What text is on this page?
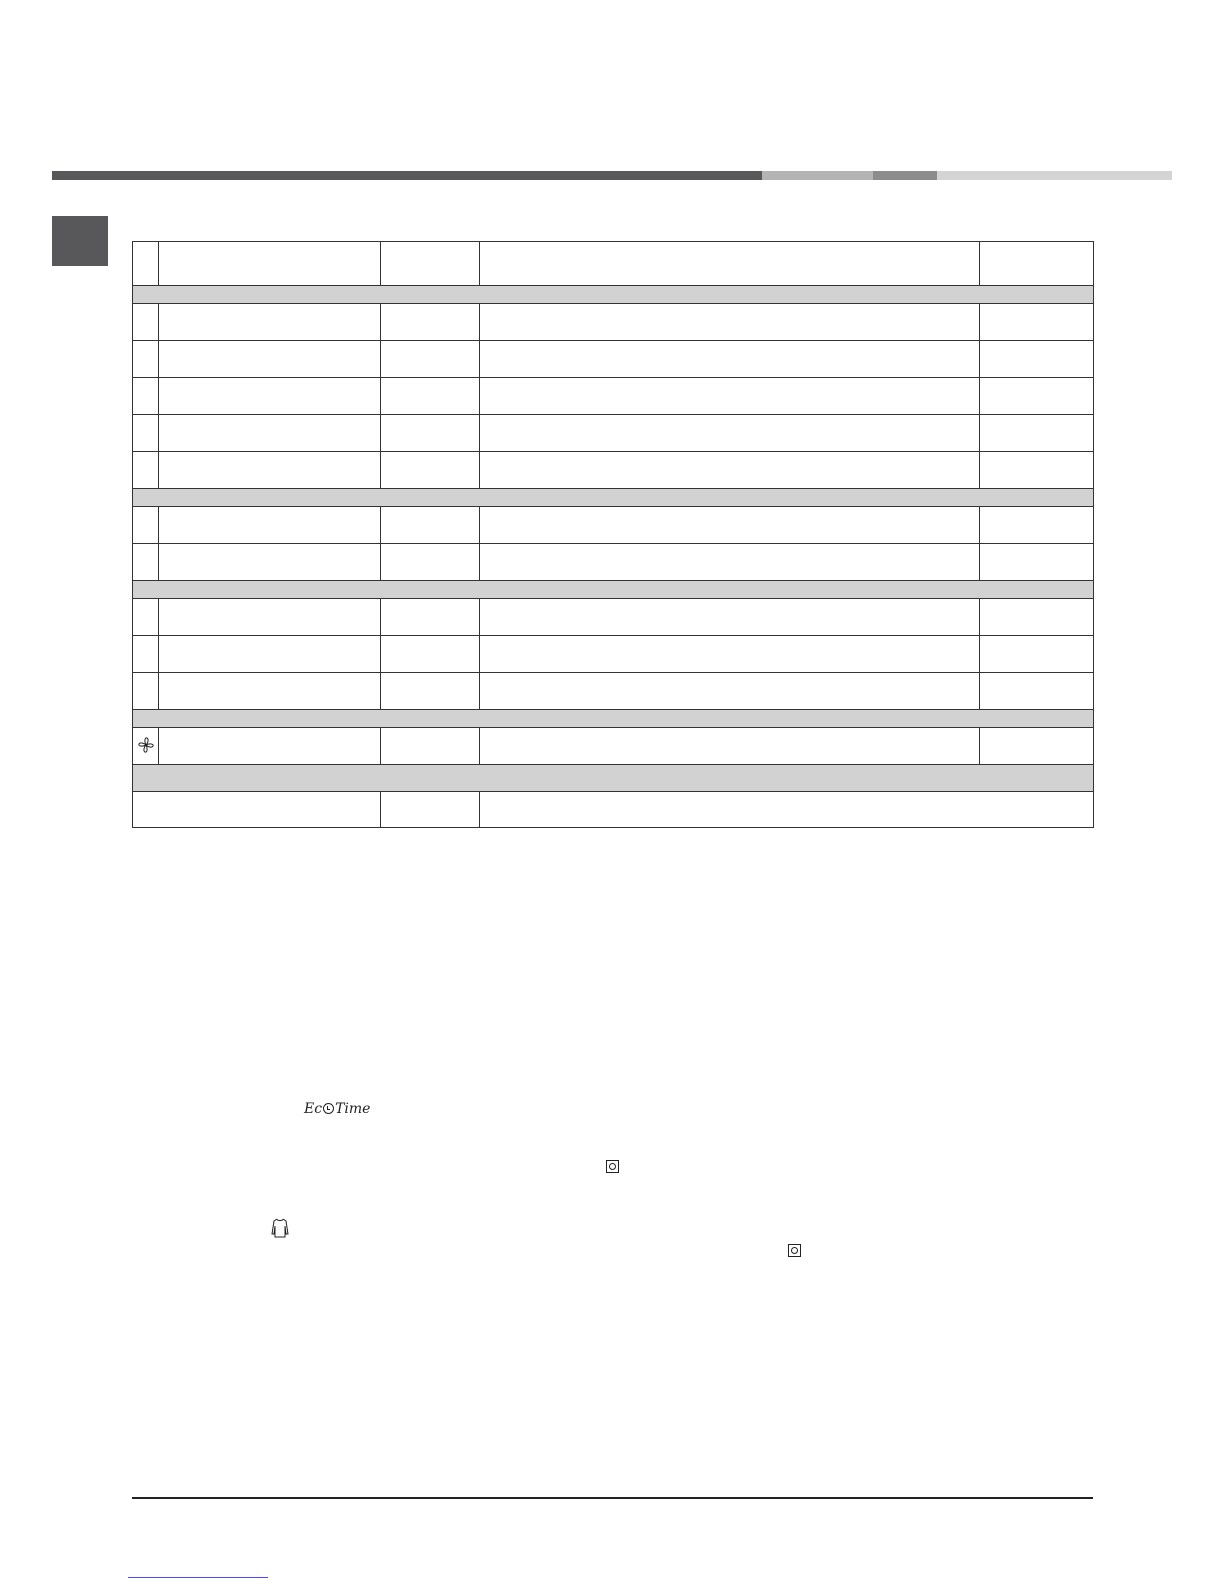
Ec Time
